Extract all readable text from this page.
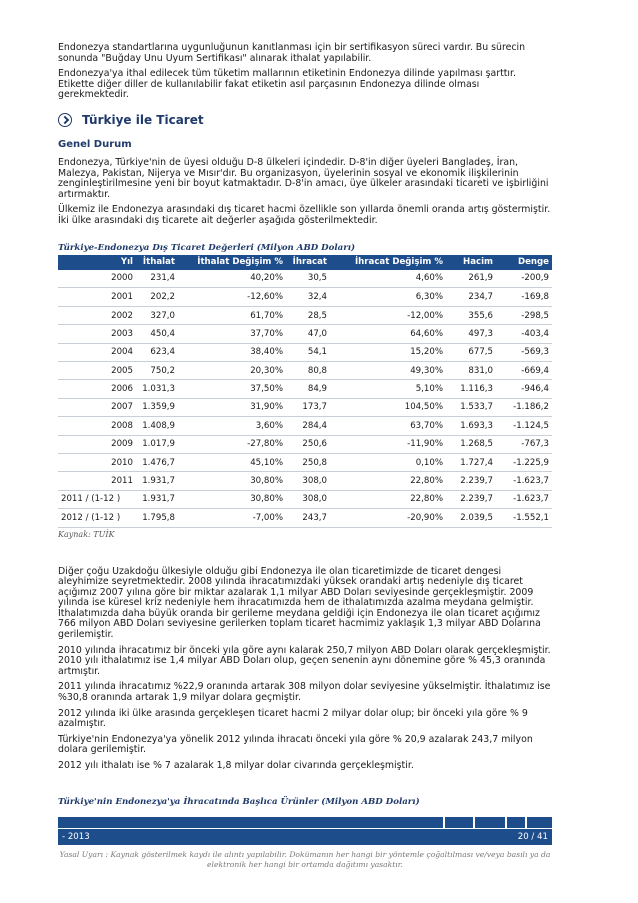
Endonezya standartlarına uygunluğunun kanıtlanması için bir sertifikasyon süreci vardır. Bu sürecin sonunda "Buğday Unu Uyum Sertifikası" alınarak ithalat yapılabilir.

Endonezya'ya ithal edilecek tüm tüketim mallarının etiketinin Endonezya dilinde yapılması şarttır. Etikette diğer diller de kullanılabilir fakat etiketin asıl parçasının Endonezya dilinde olması gerekmektedir.

Türkiye ile Ticaret
Genel Durum

Endonezya, Türkiye'nin de üyesi olduğu D-8 ülkeleri içindedir. D-8'in diğer üyeleri Bangladeş, İran, Malezya, Pakistan, Nijerya ve Mısır'dır. Bu organizasyon, üyelerinin sosyal ve ekonomik ilişkilerinin zenginleştirilmesine yeni bir boyut katmaktadır. D-8'in amacı, üye ülkeler arasındaki ticareti ve işbirliğini artırmaktır.

Ülkemiz ile Endonezya arasındaki dış ticaret hacmi özellikle son yıllarda önemli oranda artış göstermiştir. İki ülke arasındaki dış ticarete ait değerler aşağıda gösterilmektedir.

Türkiye-Endonezya Dış Ticaret Değerleri (Milyon ABD Doları)
Yıl	İthalat	İthalat Değişim %	İhracat	İhracat Değişim %	Hacim	Denge
2000	231,4	40,20%	30,5	4,60%	261,9	-200,9
2001	202,2	-12,60%	32,4	6,30%	234,7	-169,8
2002	327,0	61,70%	28,5	-12,00%	355,6	-298,5
2003	450,4	37,70%	47,0	64,60%	497,3	-403,4
2004	623,4	38,40%	54,1	15,20%	677,5	-569,3
2005	750,2	20,30%	80,8	49,30%	831,0	-669,4
2006	1.031,3	37,50%	84,9	5,10%	1.116,3	-946,4
2007	1.359,9	31,90%	173,7	104,50%	1.533,7	-1.186,2
2008	1.408,9	3,60%	284,4	63,70%	1.693,3	-1.124,5
2009	1.017,9	-27,80%	250,6	-11,90%	1.268,5	-767,3
2010	1.476,7	45,10%	250,8	0,10%	1.727,4	-1.225,9
2011	1.931,7	30,80%	308,0	22,80%	2.239,7	-1.623,7
2011 / (1-12 )	1.931,7	30,80%	308,0	22,80%	2.239,7	-1.623,7
2012 / (1-12 )	1.795,8	-7,00%	243,7	-20,90%	2.039,5	-1.552,1
Kaynak: TUİK

Diğer çoğu Uzakdoğu ülkesiyle olduğu gibi Endonezya ile olan ticaretimizde de ticaret dengesi aleyhimize seyretmektedir. 2008 yılında ihracatımızdaki yüksek orandaki artış nedeniyle dış ticaret açığımız 2007 yılına göre bir miktar azalarak 1,1 milyar ABD Doları seviyesinde gerçekleşmiştir. 2009 yılında ise küresel kriz nedeniyle hem ihracatımızda hem de ithalatımızda azalma meydana gelmiştir. İthalatımızda daha büyük oranda bir gerileme meydana geldiği için Endonezya ile olan ticaret açığımız 766 milyon ABD Doları seviyesine gerilerken toplam ticaret hacmimiz yaklaşık 1,3 milyar ABD Dolarına gerilemiştir.

2010 yılında ihracatımız bir önceki yıla göre aynı kalarak 250,7 milyon ABD Doları olarak gerçekleşmiştir. 2010 yılı ithalatımız ise 1,4 milyar ABD Doları olup, geçen senenin aynı dönemine göre % 45,3 oranında artmıştır.

2011 yılında ihracatımız %22,9 oranında artarak 308 milyon dolar seviyesine yükselmiştir. İthalatımız ise %30,8 oranında artarak 1,9 milyar dolara geçmiştir.

2012 yılında iki ülke arasında gerçekleşen ticaret hacmi 2 milyar dolar olup; bir önceki yıla göre % 9 azalmıştır.

Türkiye'nin Endonezya'ya yönelik 2012 yılında ihracatı önceki yıla göre % 20,9 azalarak 243,7 milyon dolara gerilemiştir.

2012 yılı ithalatı ise % 7 azalarak 1,8 milyar dolar civarında gerçekleşmiştir.

Türkiye'nin Endonezya'ya İhracatında Başlıca Ürünler (Milyon ABD Doları)
- 2013	20 / 41
Yasal Uyarı : Kaynak gösterilmek kaydı ile alıntı yapılabilir. Dokümanın her hangi bir yöntemle çoğaltılması ve/veya basılı ya da elektronik her hangi bir ortamda dağıtımı yasaktır.
